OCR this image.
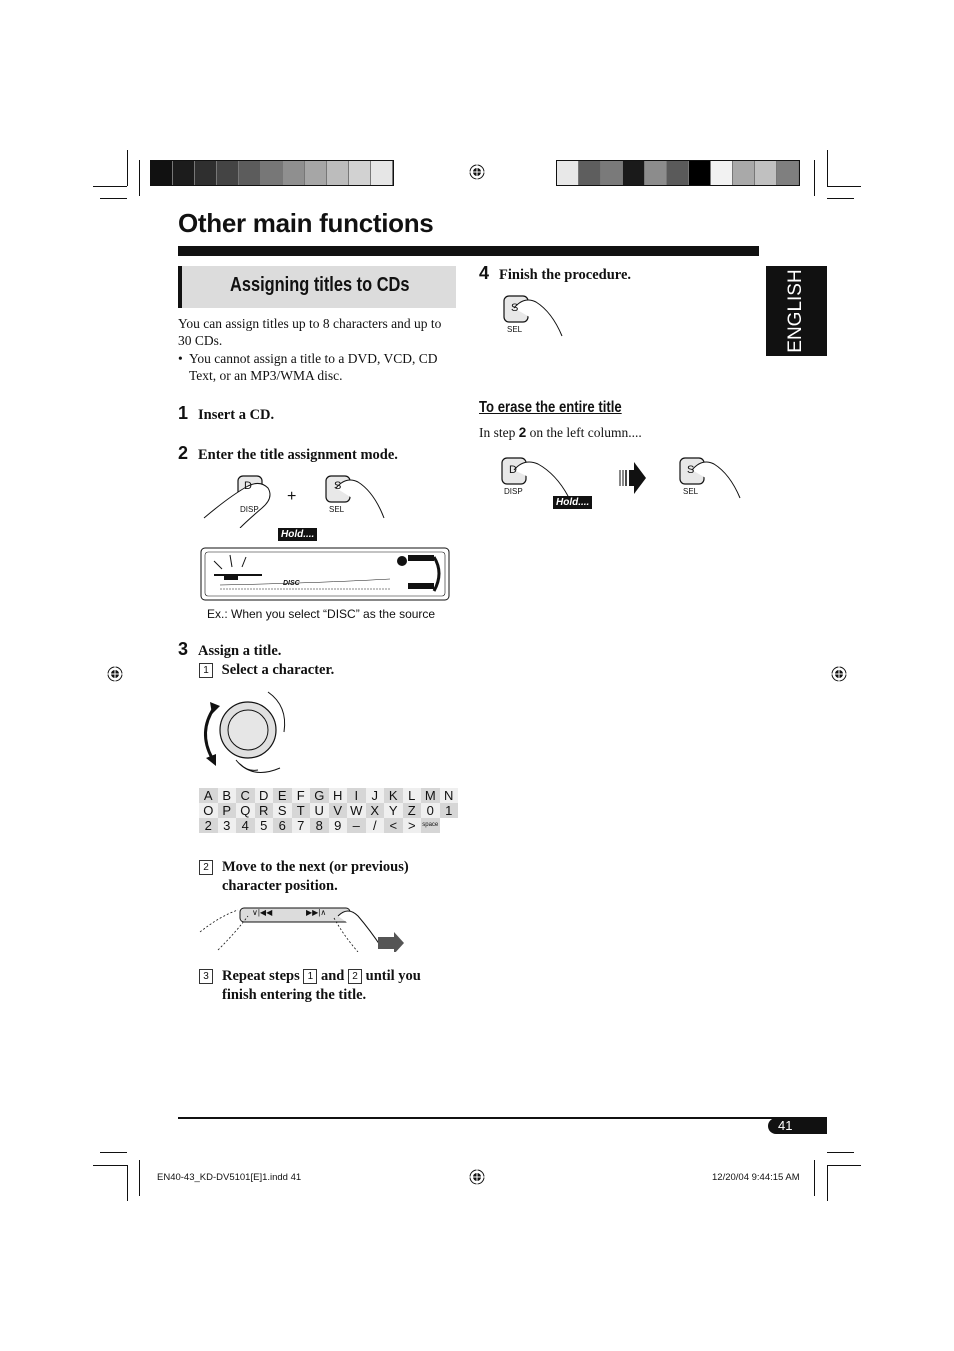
Other main functions
Assigning titles to CDs
You can assign titles up to 8 characters and up to 30 CDs.
• You cannot assign a title to a DVD, VCD, CD Text, or an MP3/WMA disc.
1 Insert a CD.
2 Enter the title assignment mode.
D
DISP
+
S
SEL
Hold....
DISC
Ex.: When you select “DISC” as the source
3 Assign a title.
1 Select a character.
A B C D E F G H I	J K L M N
O P Q R S T U V W X Y Z 0 1
2 3 4 5 6 7 8 9 –	/ < >	space
2 Move to the next (or previous) character position.
∨|◀◀	▶▶|∧
3 Repeat steps 1 and 2 until you finish entering the title.
4 Finish the procedure.
S
SEL
To erase the entire title
In step 2 on the left column....
D
DISP
Hold....
S
SEL
ENGLISH
41
EN40-43_KD-DV5101[E]1.indd 41	12/20/04 9:44:15 AM
